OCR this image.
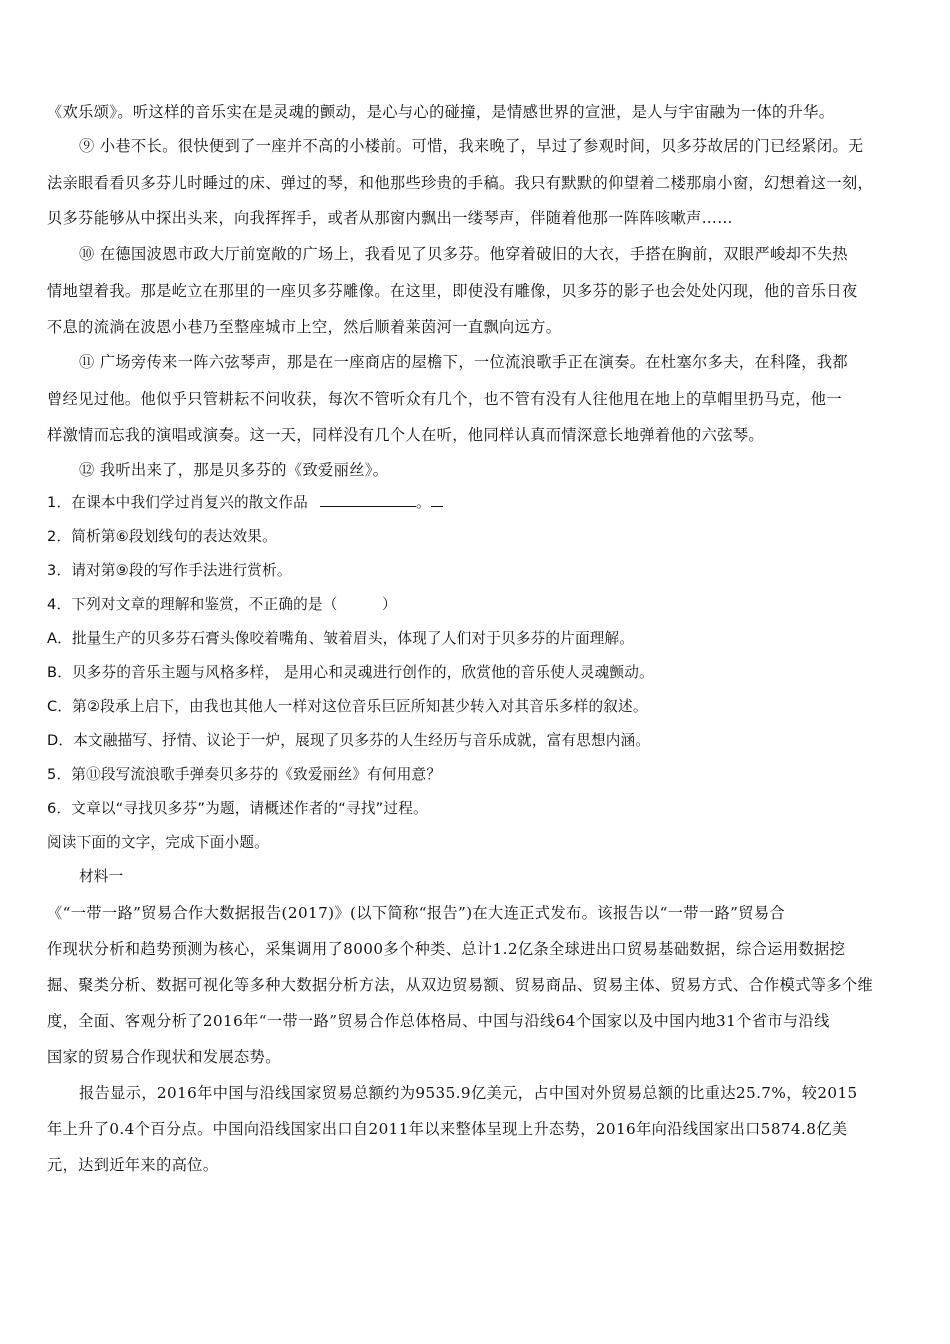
《欢乐颂》。听这样的音乐实在是灵魂的颤动，是心与心的碰撞，是情感世界的宣泄，是人与宇宙融为一体的升华。
⑨ 小巷不长。很快便到了一座并不高的小楼前。可惜，我来晚了，早过了参观时间，贝多芬故居的门已经紧闭。无
法亲眼看看贝多芬儿时睡过的床、弹过的琴，和他那些珍贵的手稿。我只有默默的仰望着二楼那扇小窗，幻想着这一刻，
贝多芬能够从中探出头来，向我挥挥手，或者从那窗内飘出一缕琴声，伴随着他那一阵阵咳嗽声……
⑩ 在德国波恩市政大厅前宽敞的广场上，我看见了贝多芬。他穿着破旧的大衣，手搭在胸前，双眼严峻却不失热
情地望着我。那是屹立在那里的一座贝多芬雕像。在这里，即使没有雕像，贝多芬的影子也会处处闪现，他的音乐日夜
不息的流淌在波恩小巷乃至整座城市上空，然后顺着莱茵河一直飘向远方。
⑪ 广场旁传来一阵六弦琴声，那是在一座商店的屋檐下，一位流浪歌手正在演奏。在杜塞尔多夫，在科隆，我都
曾经见过他。他似乎只管耕耘不问收获，每次不管听众有几个，也不管有没有人往他甩在地上的草帽里扔马克，他一
样激情而忘我的演唱或演奏。这一天，同样没有几个人在听，他同样认真而情深意长地弹着他的六弦琴。
⑫ 我听出来了，那是贝多芬的《致爱丽丝》。
1．在课本中我们学过肖复兴的散文作品	。
2．简析第⑥段划线句的表达效果。
3．请对第⑨段的写作手法进行赏析。
4．下列对文章的理解和鉴赏，不正确的是（　　　）
A．批量生产的贝多芬石膏头像咬着嘴角、皱着眉头，体现了人们对于贝多芬的片面理解。
B．贝多芬的音乐主题与风格多样， 是用心和灵魂进行创作的，欣赏他的音乐使人灵魂颤动。
C．第②段承上启下，由我也其他人一样对这位音乐巨匠所知甚少转入对其音乐多样的叙述。
D．本文融描写、抒情、议论于一炉，展现了贝多芬的人生经历与音乐成就，富有思想内涵。
5．第⑪段写流浪歌手弹奏贝多芬的《致爱丽丝》有何用意？
6．文章以“寻找贝多芬”为题，请概述作者的“寻找”过程。
阅读下面的文字，完成下面小题。
材料一
《“一带一路”贸易合作大数据报告(2017)》(以下简称“报告”)在大连正式发布。该报告以“一带一路”贸易合
作现状分析和趋势预测为核心，采集调用了8000多个种类、总计1.2亿条全球进出口贸易基础数据，综合运用数据挖
掘、聚类分析、数据可视化等多种大数据分析方法，从双边贸易额、贸易商品、贸易主体、贸易方式、合作模式等多个维
度，全面、客观分析了2016年“一带一路”贸易合作总体格局、中国与沿线64个国家以及中国内地31个省市与沿线
国家的贸易合作现状和发展态势。
报告显示，2016年中国与沿线国家贸易总额约为9535.9亿美元，占中国对外贸易总额的比重达25.7%，较2015
年上升了0.4个百分点。中国向沿线国家出口自2011年以来整体呈现上升态势，2016年向沿线国家出口5874.8亿美
元，达到近年来的高位。
